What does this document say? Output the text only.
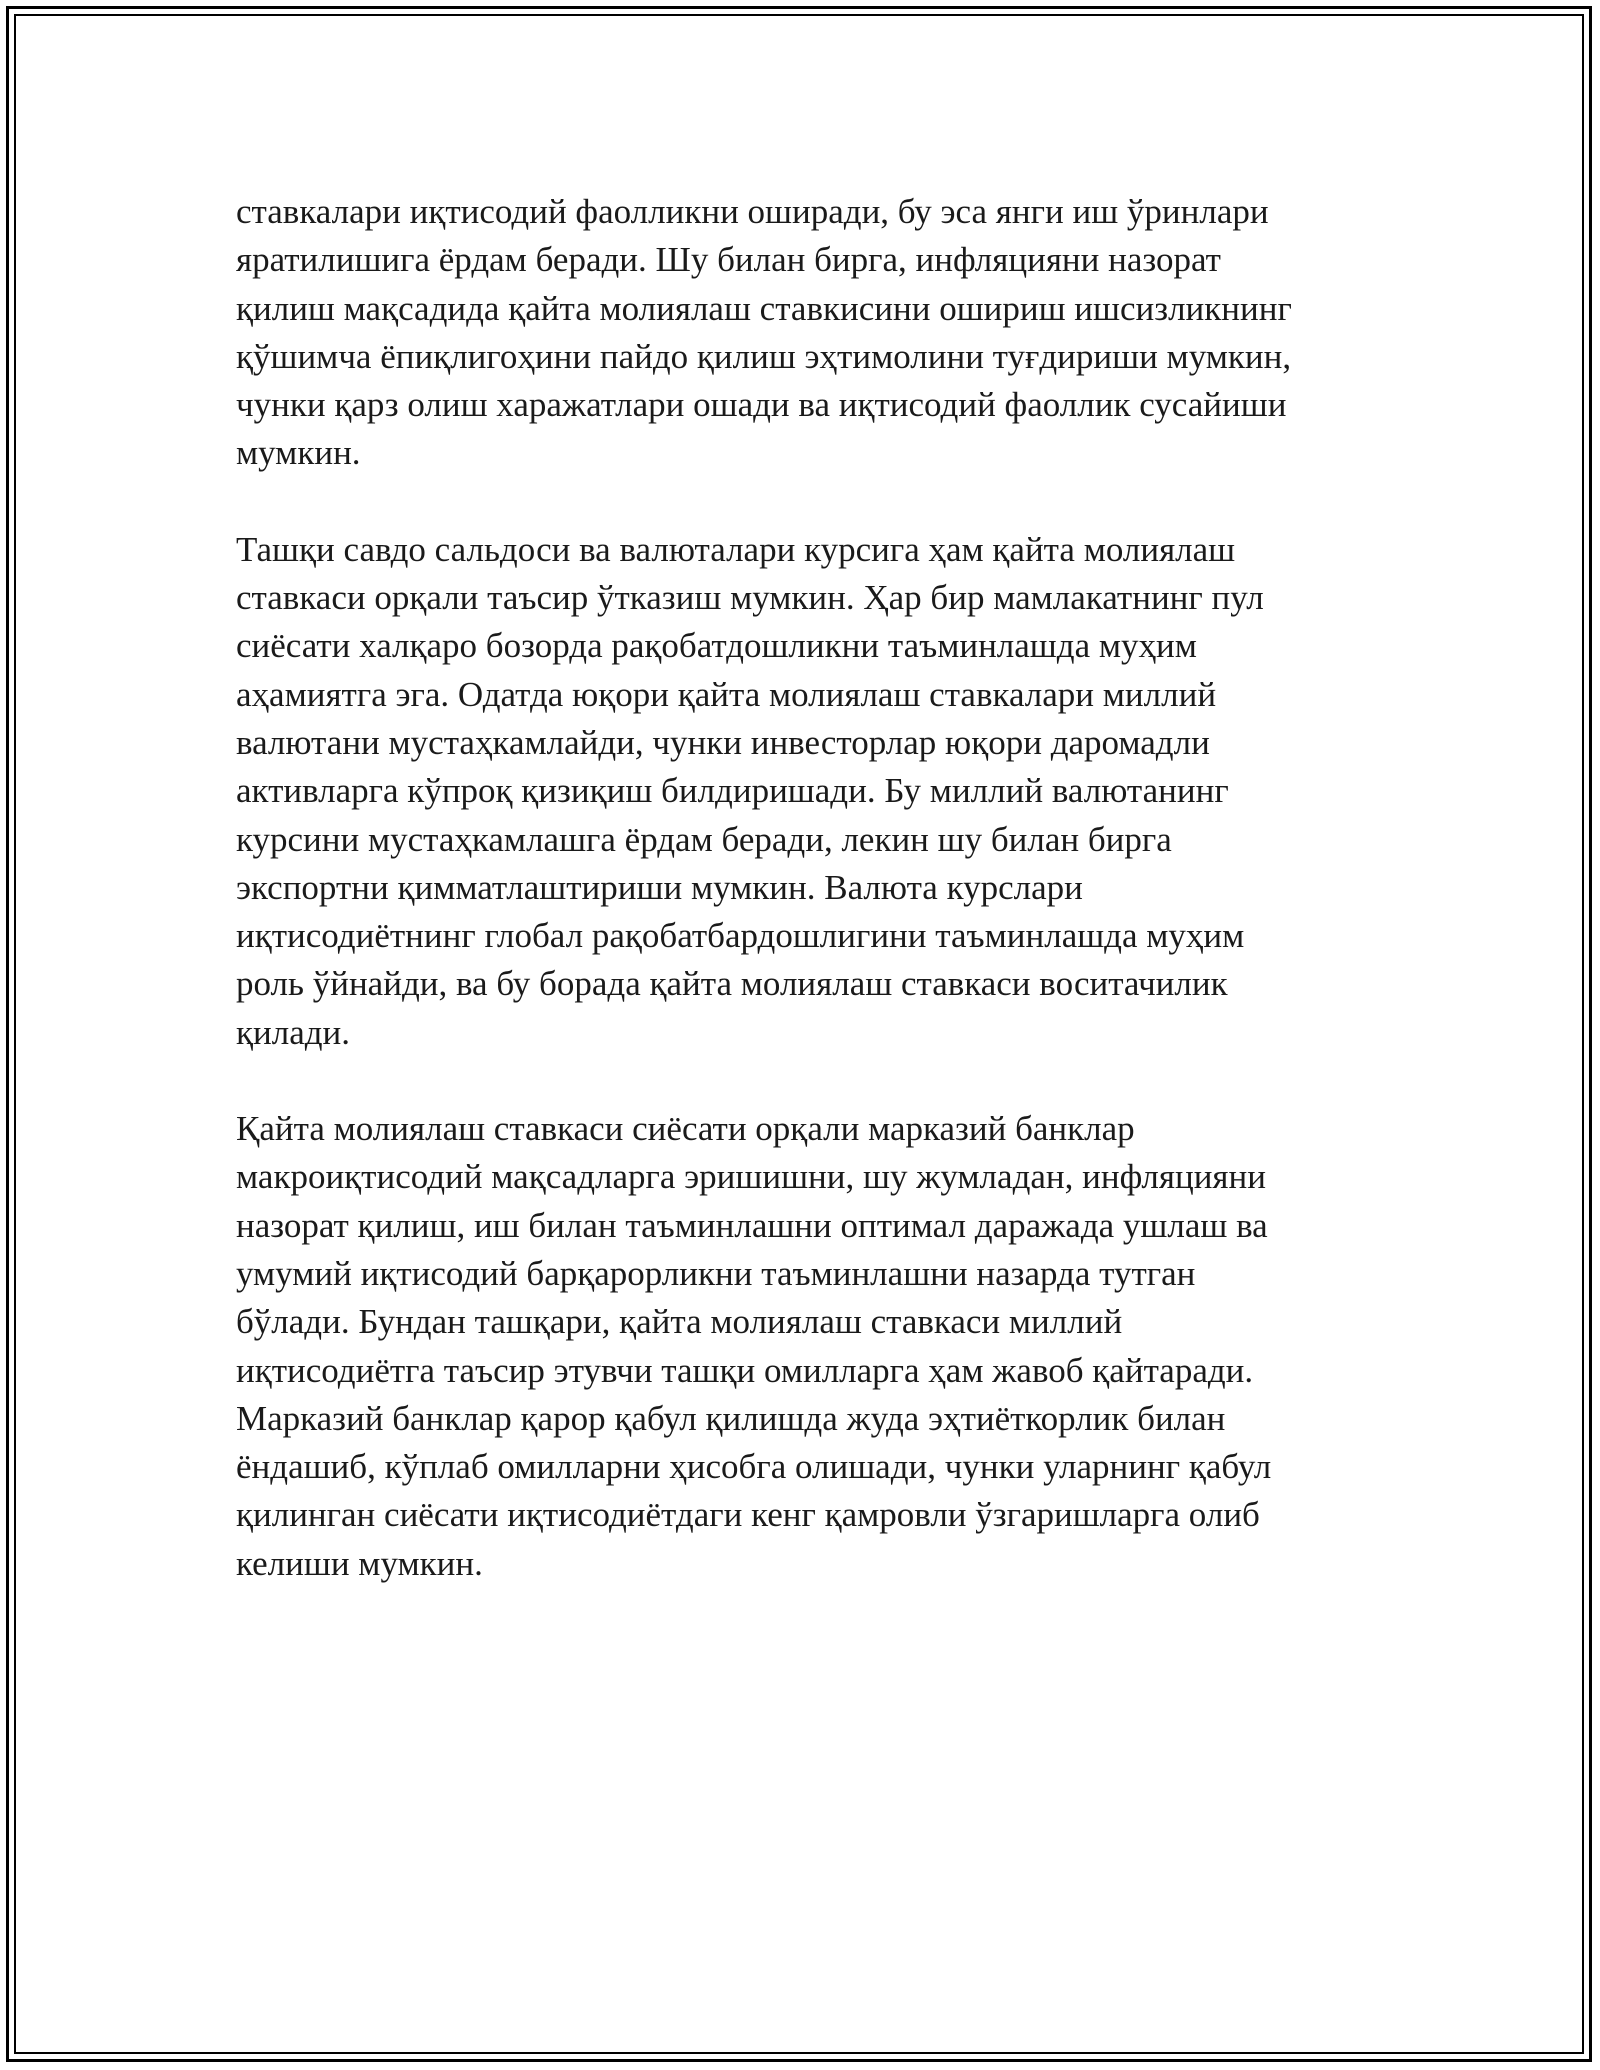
ставкалари иқтисодий фаолликни оширади, бу эса янги иш ўринлари
яратилишига ёрдам беради. Шу билан бирга, инфляцияни назорат
қилиш мақсадида қайта молиялаш ставкисини ошириш ишсизликнинг
қўшимча ёпиқлигоҳини пайдо қилиш эҳтимолини туғдириши мумкин,
чунки қарз олиш харажатлари ошади ва иқтисодий фаоллик сусайиши
мумкин.

Ташқи савдо сальдоси ва валюталари курсига ҳам қайта молиялаш
ставкаси орқали таъсир ўтказиш мумкин. Ҳар бир мамлакатнинг пул
сиёсати халқаро бозорда рақобатдошликни таъминлашда муҳим
аҳамиятга эга. Одатда юқори қайта молиялаш ставкалари миллий
валютани мустаҳкамлайди, чунки инвесторлар юқори даромадли
активларга кўпроқ қизиқиш билдиришади. Бу миллий валютанинг
курсини мустаҳкамлашга ёрдам беради, лекин шу билан бирга
экспортни қимматлаштириши мумкин. Валюта курслари
иқтисодиётнинг глобал рақобатбардошлигини таъминлашда муҳим
роль ўйнайди, ва бу борада қайта молиялаш ставкаси воситачилик
қилади.

Қайта молиялаш ставкаси сиёсати орқали марказий банклар
макроиқтисодий мақсадларга эришишни, шу жумладан, инфляцияни
назорат қилиш, иш билан таъминлашни оптимал даражада ушлаш ва
умумий иқтисодий барқарорликни таъминлашни назарда тутган
бўлади. Бундан ташқари, қайта молиялаш ставкаси миллий
иқтисодиётга таъсир этувчи ташқи омилларга ҳам жавоб қайтаради.
Марказий банклар қарор қабул қилишда жуда эҳтиёткорлик билан
ёндашиб, кўплаб омилларни ҳисобга олишади, чунки уларнинг қабул
қилинган сиёсати иқтисодиётдаги кенг қамровли ўзгаришларга олиб
келиши мумкин.
